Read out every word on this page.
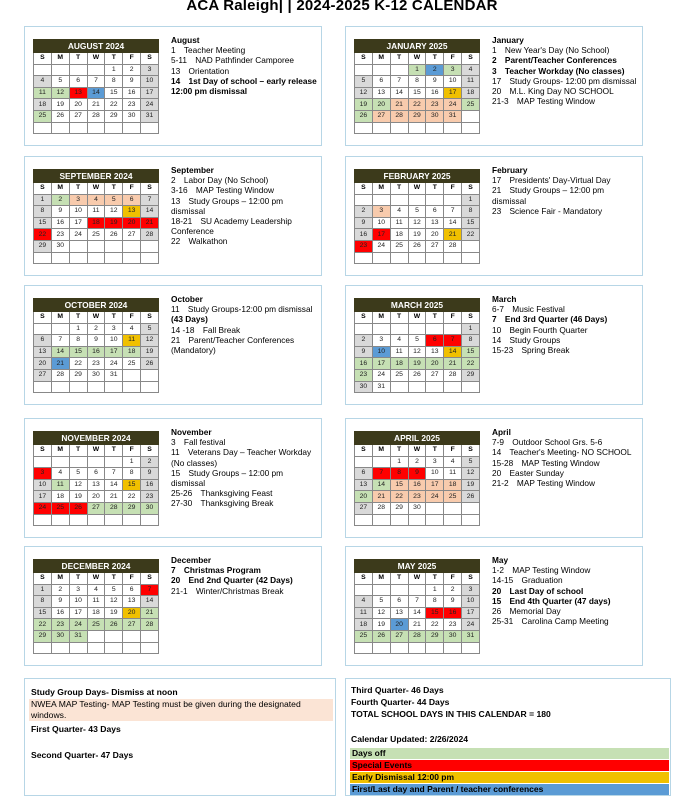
ACA Raleigh| | 2024-2025 K-12 CALENDAR
AUGUST 2024						
S	M	T	W	T	F	S
				1	2	3
4	5	6	7	8	9	10
11	12	13	14	15	16	17
18	19	20	21	22	23	24
25	26	27	28	29	30	31

August
1 Teacher Meeting
5-11 NAD Pathfinder Camporee
13 Orientation
14 1st Day of school – early release 12:00 pm dismissal
JANUARY 2025						
S	M	T	W	T	F	S
			1	2	3	4
5	6	7	8	9	10	11
12	13	14	15	16	17	18
19	20	21	22	23	24	25
26	27	28	29	30	31	

January
1 New Year's Day (No School)
2 Parent/Teacher Conferences
3 Teacher Workday (No classes)
17 Study Groups- 12:00 pm dismissal
20 M.L. King Day NO SCHOOL
21-3 MAP Testing Window
SEPTEMBER 2024						
S	M	T	W	T	F	S
1	2	3	4	5	6	7
8	9	10	11	12	13	14
15	16	17	18	19	20	21
22	23	24	25	26	27	28
29	30					

September
2 Labor Day (No School)
3-16 MAP Testing Window
13 Study Groups – 12:00 pm dismissal
18-21 SU Academy Leadership Conference
22 Walkathon
FEBRUARY 2025						
S	M	T	W	T	F	S
						1
2	3	4	5	6	7	8
9	10	11	12	13	14	15
16	17	18	19	20	21	22
23	24	25	26	27	28	

February
17 Presidents' Day-Virtual Day
21 Study Groups – 12:00 pm dismissal
23 Science Fair - Mandatory
OCTOBER 2024						
S	M	T	W	T	F	S
		1	2	3	4	5
6	7	8	9	10	11	12
13	14	15	16	17	18	19
20	21	22	23	24	25	26
27	28	29	30	31		

October
11 Study Groups-12:00 pm dismissal
(43 Days)
14 -18 Fall Break
21 Parent/Teacher Conferences (Mandatory)
MARCH 2025						
S	M	T	W	T	F	S
						1
2	3	4	5	6	7	8
9	10	11	12	13	14	15
16	17	18	19	20	21	22
23	24	25	26	27	28	29
30	31					
March
6-7 Music Festival
7 End 3rd Quarter (46 Days)
10 Begin Fourth Quarter
14 Study Groups
15-23 Spring Break
NOVEMBER 2024						
S	M	T	W	T	F	S
					1	2
3	4	5	6	7	8	9
10	11	12	13	14	15	16
17	18	19	20	21	22	23
24	25	26	27	28	29	30

November
3 Fall festival
11 Veterans Day – Teacher Workday (No classes)
15 Study Groups – 12:00 pm dismissal
25-26 Thanksgiving Feast
27-30 Thanksgiving Break
APRIL 2025						
S	M	T	W	T	F	S
		1	2	3	4	5
6	7	8	9	10	11	12
13	14	15	16	17	18	19
20	21	22	23	24	25	26
27	28	29	30			

April
7-9 Outdoor School Grs. 5-6
14 Teacher's Meeting- NO SCHOOL
15-28 MAP Testing Window
20 Easter Sunday
21-2 MAP Testing Window
DECEMBER 2024						
S	M	T	W	T	F	S
1	2	3	4	5	6	7
8	9	10	11	12	13	14
15	16	17	18	19	20	21
22	23	24	25	26	27	28
29	30	31				

December
7 Christmas Program
20 End 2nd Quarter (42 Days)
21-1 Winter/Christmas Break
MAY 2025						
S	M	T	W	T	F	S
				1	2	3
4	5	6	7	8	9	10
11	12	13	14	15	16	17
18	19	20	21	22	23	24
25	26	27	28	29	30	31

May
1-2 MAP Testing Window
14-15 Graduation
20 Last Day of school
15 End 4th Quarter (47 days)
26 Memorial Day
25-31 Carolina Camp Meeting
Study Group Days- Dismiss at noon
NWEA MAP Testing- MAP Testing must be given during the designated windows.
First Quarter- 43 Days
Second Quarter- 47 Days
Third Quarter- 46 Days
Fourth Quarter- 44 Days
TOTAL SCHOOL DAYS IN THIS CALENDAR = 180
Calendar Updated: 2/26/2024
Days off
Special Events
Early Dismissal 12:00 pm
First/Last day and Parent / teacher conferences
